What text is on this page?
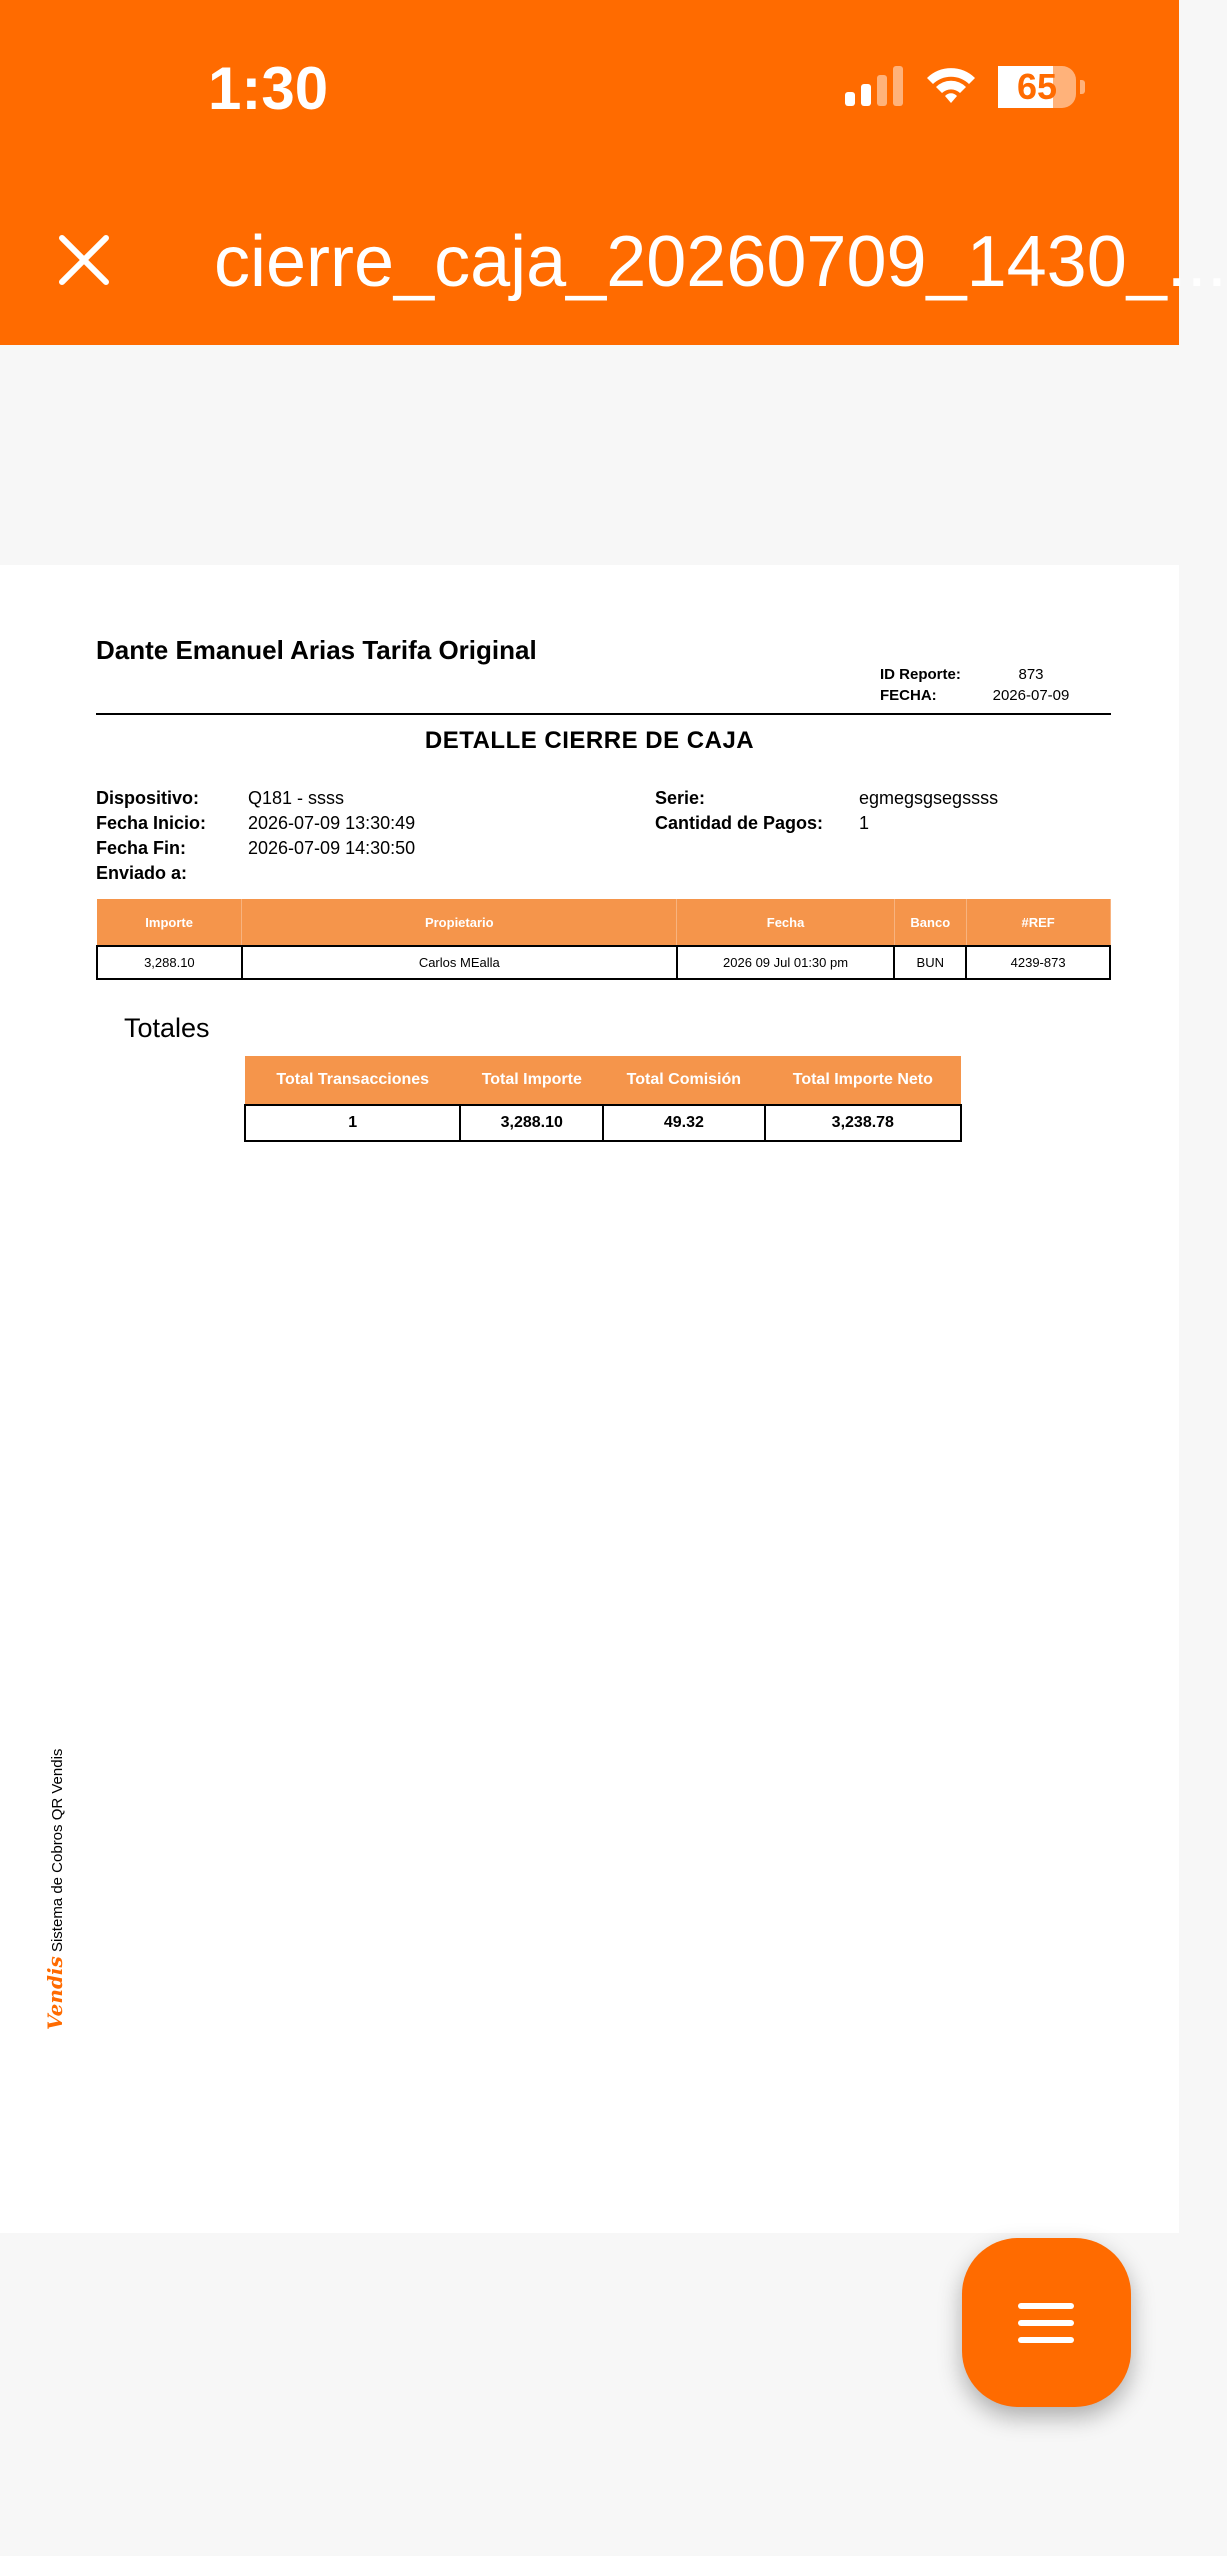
1:30	65
cierre_caja_20260709_1430_...
Dante Emanuel Arias Tarifa Original
ID Reporte:	873
FECHA:	2026-07-09
DETALLE CIERRE DE CAJA
Dispositivo:	Q181 - ssss
Fecha Inicio:	2026-07-09 13:30:49
Fecha Fin:	2026-07-09 14:30:50
Enviado a:
Serie:	egmegsgsegssss
Cantidad de Pagos:	1
Importe	Propietario	Fecha	Banco	#REF
3,288.10	Carlos MEalla	2026 09 Jul 01:30 pm	BUN	4239-873
Totales
Total Transacciones	Total Importe	Total Comisión	Total Importe Neto
1	3,288.10	49.32	3,238.78
Vendis Sistema de Cobros QR Vendis
